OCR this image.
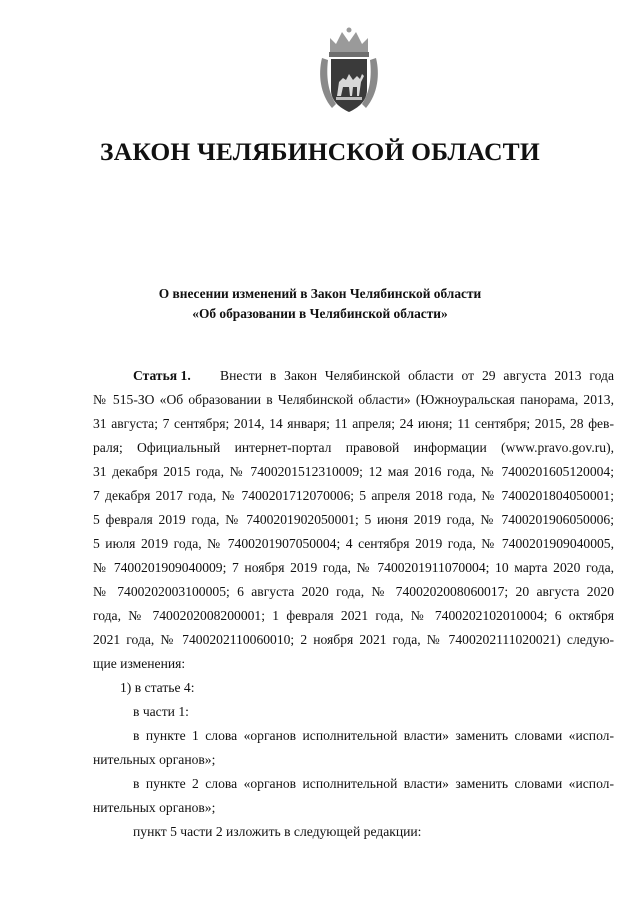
ЗАКОН ЧЕЛЯБИНСКОЙ ОБЛАСТИ
О внесении изменений в Закон Челябинской области
«Об образовании в Челябинской области»
Статья 1. Внести в Закон Челябинской области от 29 августа 2013 года
№ 515-ЗО «Об образовании в Челябинской области» (Южноуральская панорама, 2013,
31 августа; 7 сентября; 2014, 14 января; 11 апреля; 24 июня; 11 сентября; 2015, 28 фев-
раля; Официальный интернет-портал правовой информации (www.pravo.gov.ru),
31 декабря 2015 года, № 7400201512310009; 12 мая 2016 года, № 7400201605120004;
7 декабря 2017 года, № 7400201712070006; 5 апреля 2018 года, № 7400201804050001;
5 февраля 2019 года, № 7400201902050001; 5 июня 2019 года, № 7400201906050006;
5 июля 2019 года, № 7400201907050004; 4 сентября 2019 года, № 7400201909040005,
№ 7400201909040009; 7 ноября 2019 года, № 7400201911070004; 10 марта 2020 года,
№ 7400202003100005; 6 августа 2020 года, № 7400202008060017; 20 августа 2020
года, № 7400202008200001; 1 февраля 2021 года, № 7400202102010004; 6 октября
2021 года, № 7400202110060010; 2 ноября 2021 года, № 7400202111020021) следую-
щие изменения:
1) в статье 4:
в части 1:
в пункте 1 слова «органов исполнительной власти» заменить словами «испол-
нительных органов»;
в пункте 2 слова «органов исполнительной власти» заменить словами «испол-
нительных органов»;
пункт 5 части 2 изложить в следующей редакции:
